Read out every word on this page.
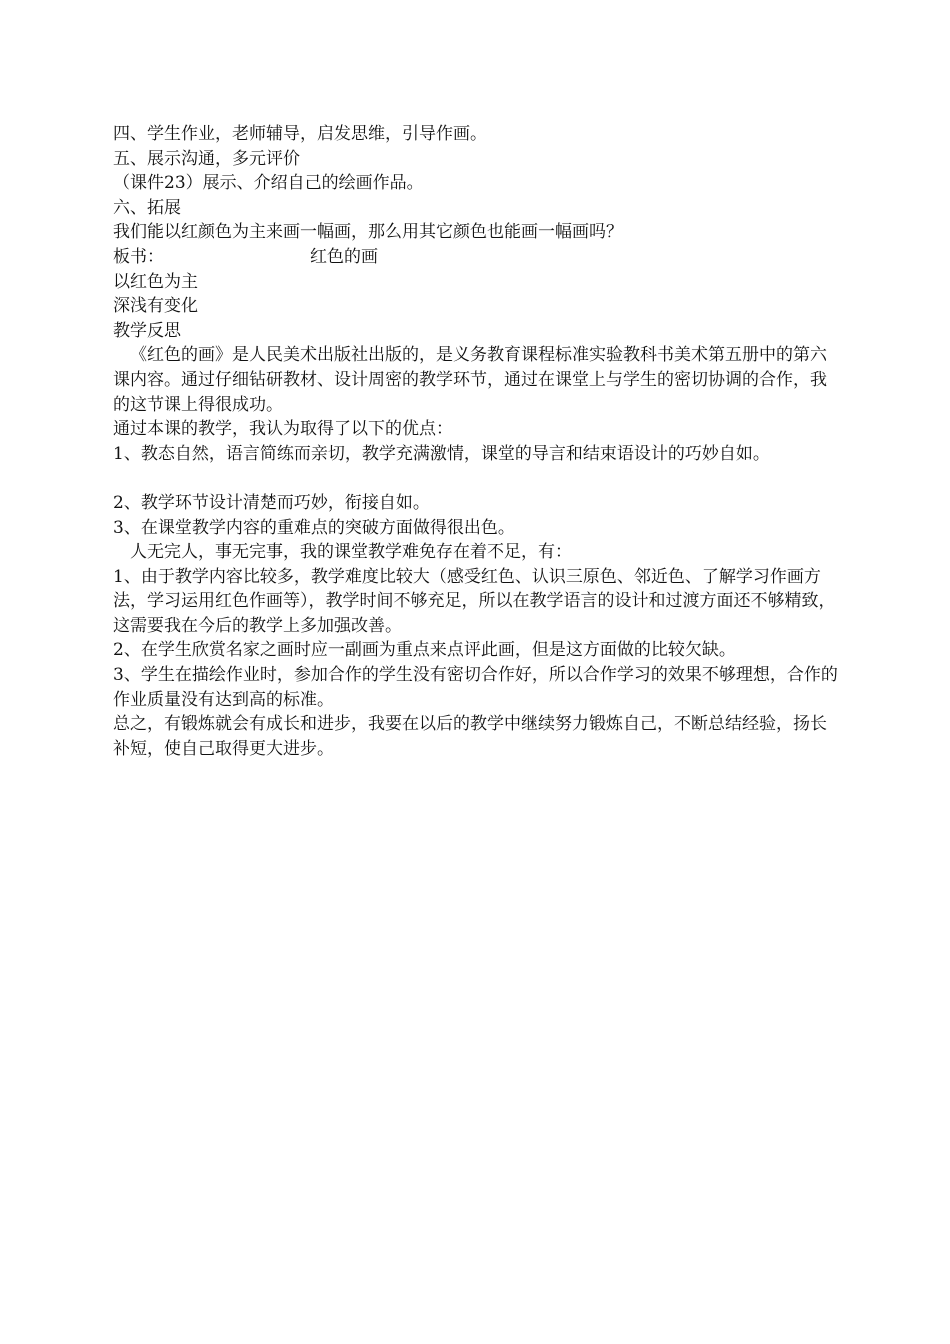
四、学生作业，老师辅导，启发思维，引导作画。

五、展示沟通，多元评价

（课件23）展示、介绍自己的绘画作品。

六、拓展

我们能以红颜色为主来画一幅画，那么用其它颜色也能画一幅画吗？

板书：	红色的画

以红色为主

深浅有变化

教学反思

《红色的画》是人民美术出版社出版的，是义务教育课程标准实验教科书美术第五册中的第六课内容。通过仔细钻研教材、设计周密的教学环节，通过在课堂上与学生的密切协调的合作，我的这节课上得很成功。

通过本课的教学，我认为取得了以下的优点：

1、教态自然，语言简练而亲切，教学充满激情，课堂的导言和结束语设计的巧妙自如。

2、教学环节设计清楚而巧妙，衔接自如。

3、在课堂教学内容的重难点的突破方面做得很出色。

人无完人，事无完事，我的课堂教学难免存在着不足，有：

1、由于教学内容比较多，教学难度比较大（感受红色、认识三原色、邻近色、了解学习作画方法，学习运用红色作画等），教学时间不够充足，所以在教学语言的设计和过渡方面还不够精致，这需要我在今后的教学上多加强改善。

2、在学生欣赏名家之画时应一副画为重点来点评此画，但是这方面做的比较欠缺。

3、学生在描绘作业时，参加合作的学生没有密切合作好，所以合作学习的效果不够理想，合作的作业质量没有达到高的标准。

总之，有锻炼就会有成长和进步，我要在以后的教学中继续努力锻炼自己，不断总结经验，扬长补短，使自己取得更大进步。
